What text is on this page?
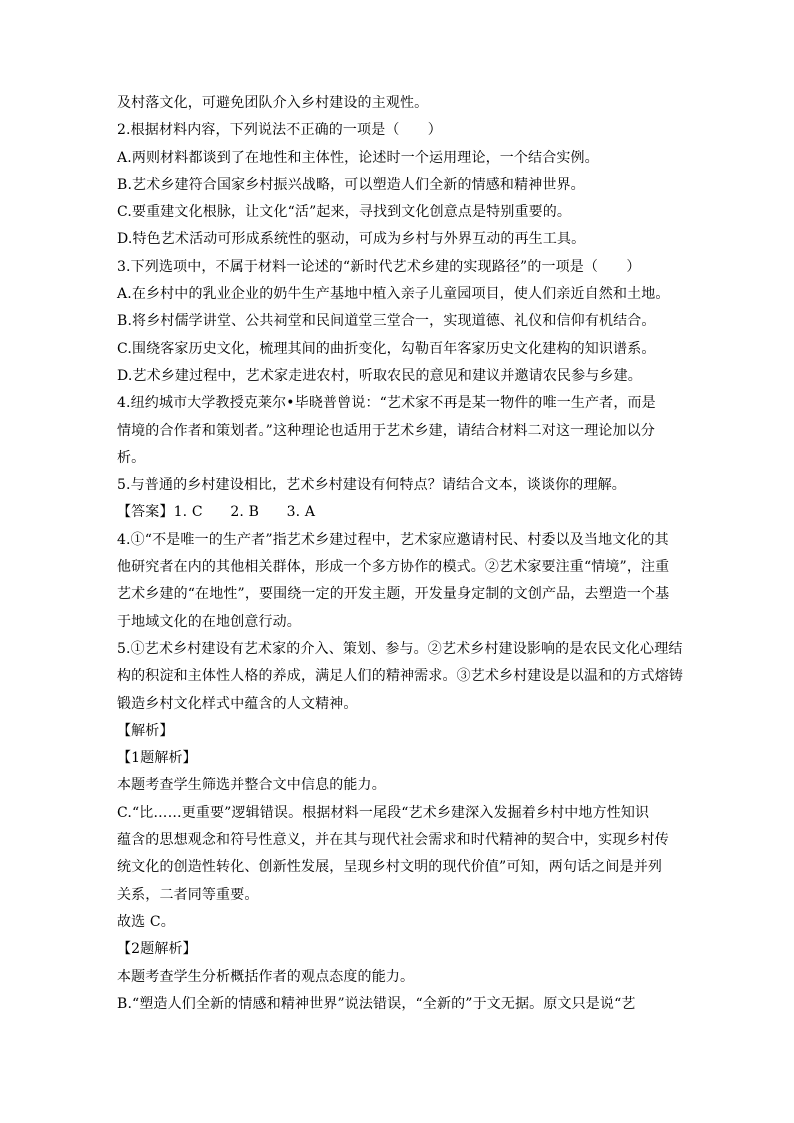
及村落文化，可避免团队介入乡村建设的主观性。
2.根据材料内容，下列说法不正确的一项是（　　）
A.两则材料都谈到了在地性和主体性，论述时一个运用理论，一个结合实例。
B.艺术乡建符合国家乡村振兴战略，可以塑造人们全新的情感和精神世界。
C.要重建文化根脉，让文化“活”起来，寻找到文化创意点是特别重要的。
D.特色艺术活动可形成系统性的驱动，可成为乡村与外界互动的再生工具。
3.下列选项中，不属于材料一论述的“新时代艺术乡建的实现路径”的一项是（　　）
A.在乡村中的乳业企业的奶牛生产基地中植入亲子儿童园项目，使人们亲近自然和土地。
B.将乡村儒学讲堂、公共祠堂和民间道堂三堂合一，实现道德、礼仪和信仰有机结合。
C.围绕客家历史文化，梳理其间的曲折变化，勾勒百年客家历史文化建构的知识谱系。
D.艺术乡建过程中，艺术家走进农村，听取农民的意见和建议并邀请农民参与乡建。
4.纽约城市大学教授克莱尔•毕晓普曾说：“艺术家不再是某一物件的唯一生产者，而是
情境的合作者和策划者。”这种理论也适用于艺术乡建，请结合材料二对这一理论加以分
析。
5.与普通的乡村建设相比，艺术乡村建设有何特点？请结合文本，谈谈你的理解。
【答案】1. C      2. B      3. A
4.①“不是唯一的生产者”指艺术乡建过程中，艺术家应邀请村民、村委以及当地文化的其
他研究者在内的其他相关群体，形成一个多方协作的模式。②艺术家要注重“情境”，注重
艺术乡建的“在地性”，要围绕一定的开发主题，开发量身定制的文创产品，去塑造一个基
于地域文化的在地创意行动。
5.①艺术乡村建设有艺术家的介入、策划、参与。②艺术乡村建设影响的是农民文化心理结
构的积淀和主体性人格的养成，满足人们的精神需求。③艺术乡村建设是以温和的方式熔铸
锻造乡村文化样式中蕴含的人文精神。
【解析】
【1题解析】
本题考查学生筛选并整合文中信息的能力。
C.“比……更重要”逻辑错误。根据材料一尾段“艺术乡建深入发掘着乡村中地方性知识
蕴含的思想观念和符号性意义，并在其与现代社会需求和时代精神的契合中，实现乡村传
统文化的创造性转化、创新性发展，呈现乡村文明的现代价值”可知，两句话之间是并列
关系，二者同等重要。
故选 C。
【2题解析】
本题考查学生分析概括作者的观点态度的能力。
B.“塑造人们全新的情感和精神世界”说法错误，“全新的”于文无据。原文只是说“艺
